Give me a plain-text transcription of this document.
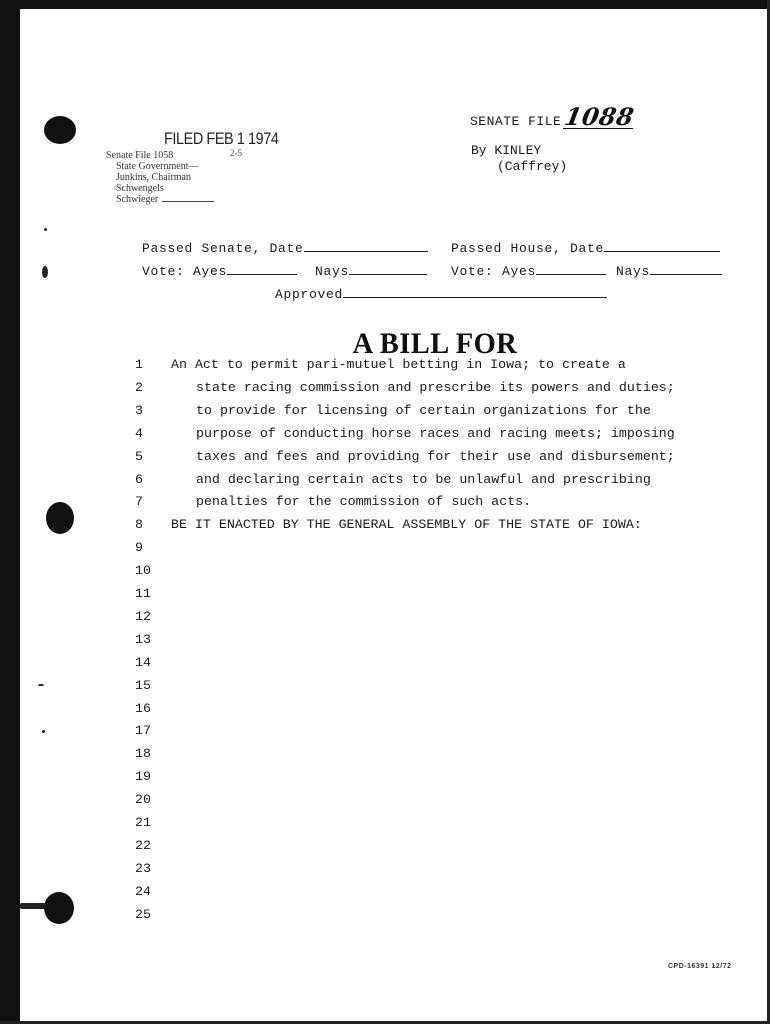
FILED FEB 1 1974
2-5
Senate File 1058
State Government—
Junkins, Chairman
Schwengels
Schwieger
SENATE FILE 1088
By KINLEY
(Caffrey)
Passed Senate, Date	Passed House, Date
Vote: Ayes	Nays	Vote: Ayes	Nays
Approved
A BILL FOR
1	An Act to permit pari-mutuel betting in Iowa; to create a
2	state racing commission and prescribe its powers and duties;
3	to provide for licensing of certain organizations for the
4	purpose of conducting horse races and racing meets; imposing
5	taxes and fees and providing for their use and disbursement;
6	and declaring certain acts to be unlawful and prescribing
7	penalties for the commission of such acts.
8	BE IT ENACTED BY THE GENERAL ASSEMBLY OF THE STATE OF IOWA:
9
10
11
12
13
14
15
16
17
18
19
20
21
22
23
24
25
CPD-16391 12/72
